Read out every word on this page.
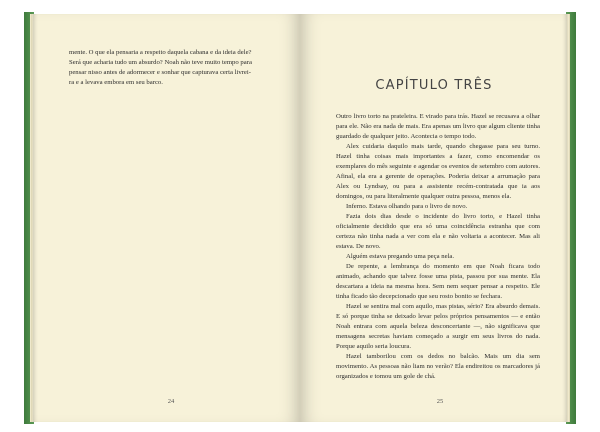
mente. O que ela pensaria a respeito daquela cabana e da ideia dele?

Será que acharia tudo um absurdo? Noah não teve muito tempo para

pensar nisso antes de adormecer e sonhar que capturava certa livrei-

ra e a levava embora em seu barco.

24
CAPÍTULO TRÊS

Outro livro torto na prateleira. E virado para trás. Hazel se recusava a olhar para ele. Não era nada de mais. Era apenas um livro que algum cliente tinha guardado de qualquer jeito. Acontecia o tempo todo.

Alex cuidaria daquilo mais tarde, quando chegasse para seu turno. Hazel tinha coisas mais importantes a fazer, como encomendar os exemplares do mês seguinte e agendar os eventos de setembro com autores. Afinal, ela era a gerente de operações. Poderia deixar a arrumação para Alex ou Lyndsay, ou para a assistente recém-contratada que ia aos domingos, ou para literalmente qualquer outra pessoa, menos ela.

Inferno. Estava olhando para o livro de novo.

Fazia dois dias desde o incidente do livro torto, e Hazel tinha oficialmente decidido que era só uma coincidência estranha que com certeza não tinha nada a ver com ela e não voltaria a acontecer. Mas ali estava. De novo.

Alguém estava pregando uma peça nela.

De repente, a lembrança do momento em que Noah ficara todo animado, achando que talvez fosse uma pista, passou por sua mente. Ela descartara a ideia na mesma hora. Sem nem sequer pensar a respeito. Ele tinha ficado tão decepcionado que seu rosto bonito se fechara.

Hazel se sentira mal com aquilo, mas pistas, sério? Era absurdo demais. E só porque tinha se deixado levar pelos próprios pensamentos — e então Noah entrara com aquela beleza desconcertante —, não significava que mensagens secretas haviam começado a surgir em seus livros do nada. Porque aquilo seria loucura.

Hazel tamborilou com os dedos no balcão. Mais um dia sem movimento. As pessoas não liam no verão? Ela endireitou os marcadores já organizados e tomou um gole de chá.

25
